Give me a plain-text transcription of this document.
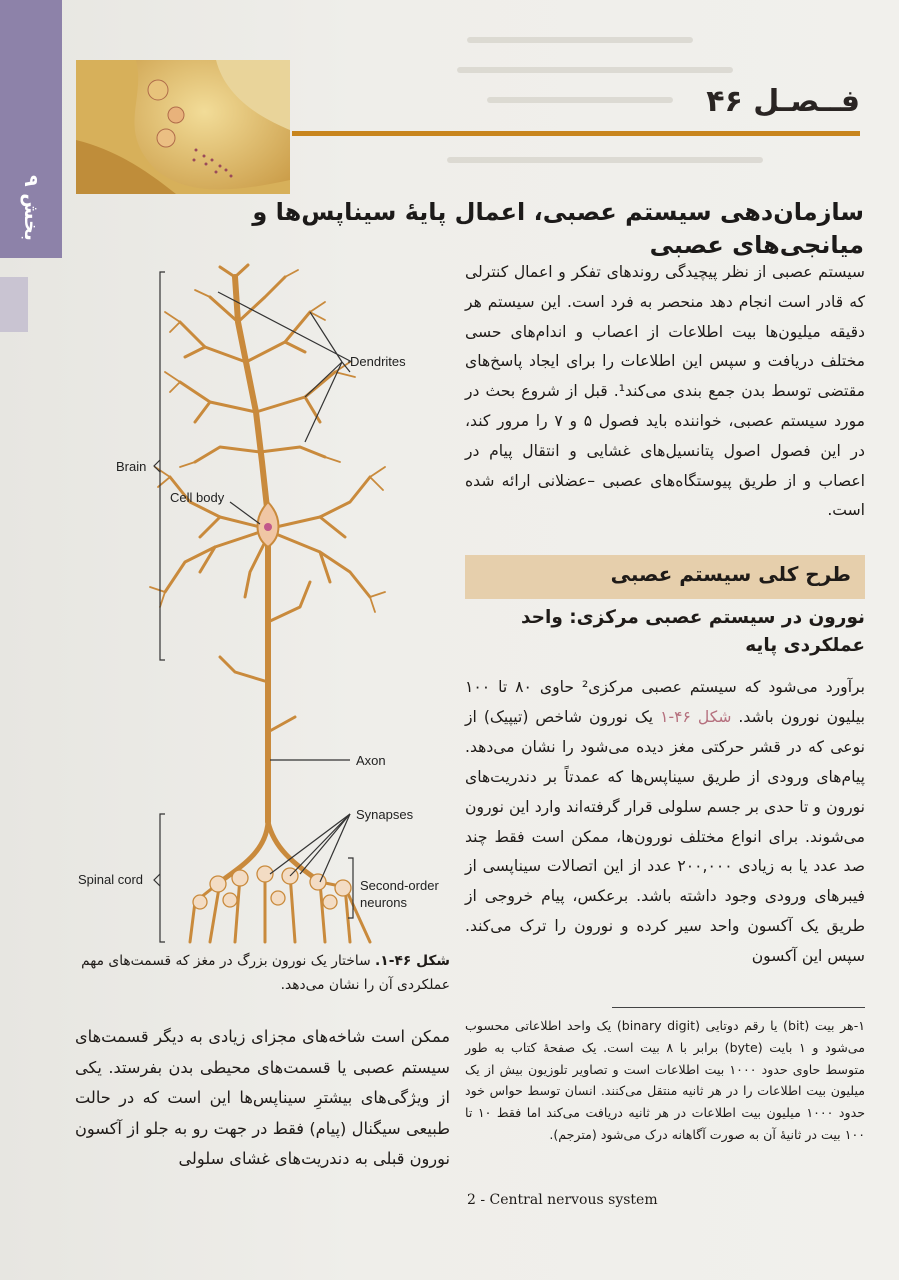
بخش ۹
فــصـل ۴۶
سازمان‌دهی سیستم عصبی، اعمال پایهٔ سیناپس‌ها و میانجی‌های عصبی
سیستم عصبی از نظر پیچیدگی روندهای تفکر و اعمال کنترلی که قادر است انجام دهد منحصر به فرد است. این سیستم هر دقیقه میلیون‌ها بیت اطلاعات از اعصاب و اندام‌های حسی مختلف دریافت و سپس این اطلاعات را برای ایجاد پاسخ‌های مقتضی توسط بدن جمع بندی می‌کند¹. قبل از شروع بحث در مورد سیستم عصبی، خواننده باید فصول ۵ و ۷ را مرور کند، در این فصول اصول پتانسیل‌های غشایی و انتقال پیام در اعصاب و از طریق پیوستگاه‌های عصبی –عضلانی ارائه شده است.
طرح کلی سیستم عصبی
نورون در سیستم عصبی مرکزی: واحد عملکردی پایه
برآورد می‌شود که سیستم عصبی مرکزی² حاوی ۸۰ تا ۱۰۰ بیلیون نورون باشد. شکل ۴۶-۱ یک نورون شاخص (تیپیک) از نوعی که در قشر حرکتی مغز دیده می‌شود را نشان می‌دهد. پیام‌های ورودی از طریق سیناپس‌ها که عمدتاً بر دندریت‌های نورون و تا حدی بر جسم سلولی قرار گرفته‌اند وارد این نورون می‌شوند. برای انواع مختلف نورون‌ها، ممکن است فقط چند صد عدد یا به زیادی ۲۰۰,۰۰۰ عدد از این اتصالات سیناپسی از فیبرهای ورودی وجود داشته باشد. برعکس، پیام خروجی از طریق یک آکسون واحد سیر کرده و نورون را ترک می‌کند. سپس این آکسون
۱-هر بیت (bit) یا رقم دوتایی (binary digit) یک واحد اطلاعاتی محسوب می‌شود و ۱ بایت (byte) برابر با ۸ بیت است. یک صفحهٔ کتاب به طور متوسط حاوی حدود ۱۰۰۰ بیت اطلاعات است و تصاویر تلوزیون بیش از یک میلیون بیت اطلاعات را در هر ثانیه منتقل می‌کنند. انسان توسط حواس خود حدود ۱۰۰۰ میلیون بیت اطلاعات در هر ثانیه دریافت می‌کند اما فقط ۱۰ تا ۱۰۰ بیت در ثانیهٔ آن به صورت آگاهانه درک می‌شود (مترجم).
2 - Central nervous system
Dendrites
Brain
Cell body
Axon
Synapses
Spinal cord	Second-order
neurons
شکل ۴۶-۱. ساختار یک نورون بزرگ در مغز که قسمت‌های مهم عملکردی آن را نشان می‌دهد.
ممکن است شاخه‌های مجزای زیادی به دیگر قسمت‌های سیستم عصبی یا قسمت‌های محیطی بدن بفرستد. یکی از ویژگی‌های بیشترِ سیناپس‌ها این است که در حالت طبیعی سیگنال (پیام) فقط در جهت رو به جلو از آکسون نورون قبلی به دندریت‌های غشای سلولی
